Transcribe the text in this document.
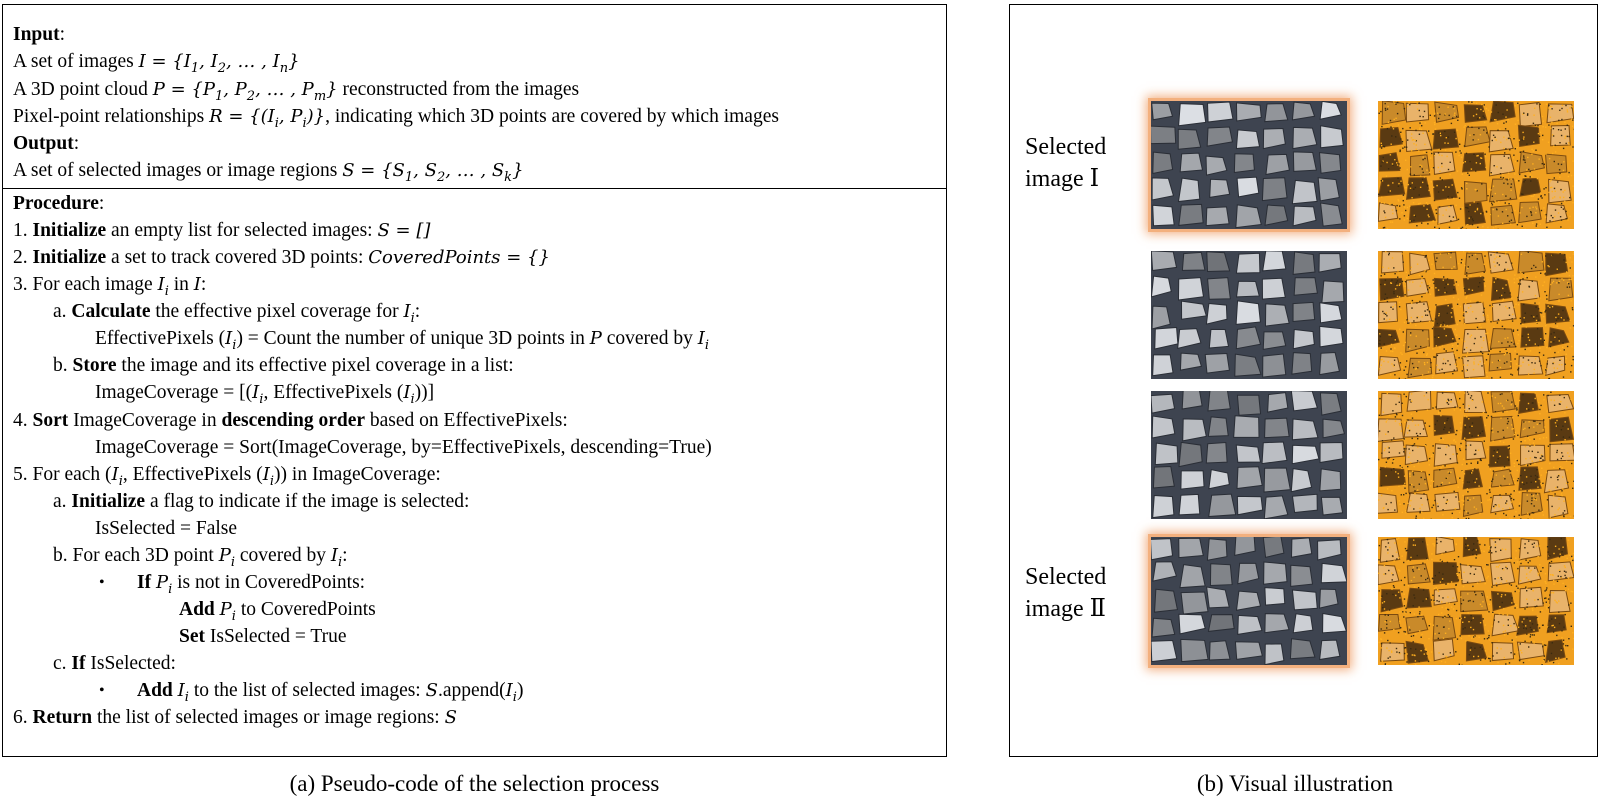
Input:
A set of images $I = \{I_1$, $I_2$, … , $I_n$}
A 3D point cloud $P = \{P_1$, $P_2$, … , $P_m$} reconstructed from the images
Pixel-point relationships $R = \{(I_i$, $P_i$)}, indicating which 3D points are covered by which images
Output:
A set of selected images or image regions $S = \{S_1$, $S_2$, … , $S_k$}
Procedure:
1. Initialize an empty list for selected images: S = []
2. Initialize a set to track covered 3D points: CoveredPoints = {}
3. For each image $I_i$ in I:
a. Calculate the effective pixel coverage for $I_i$:
EffectivePixels $(I_i)$ = Count the number of unique 3D points in P covered by $I_i$
b. Store the image and its effective pixel coverage in a list:
ImageCoverage = [($I_i$, EffectivePixels $(I_i)$)]
4. Sort ImageCoverage in descending order based on EffectivePixels:
ImageCoverage = Sort(ImageCoverage, by=EffectivePixels, descending=True)
5. For each ($I_i$, EffectivePixels $(I_i)$) in ImageCoverage:
a. Initialize a flag to indicate if the image is selected:
IsSelected = False
b. For each 3D point $P_i$ covered by $I_i$:
• If $P_i$ is not in CoveredPoints:
Add $P_i$ to CoveredPoints
Set IsSelected = True
c. If IsSelected:
• Add $I_i$ to the list of selected images: $S.append(I_i)$
6. Return the list of selected images or image regions: S
(a) Pseudo-code of the selection process
Selected
image Ⅰ
Selected
image Ⅱ
(b) Visual illustration
